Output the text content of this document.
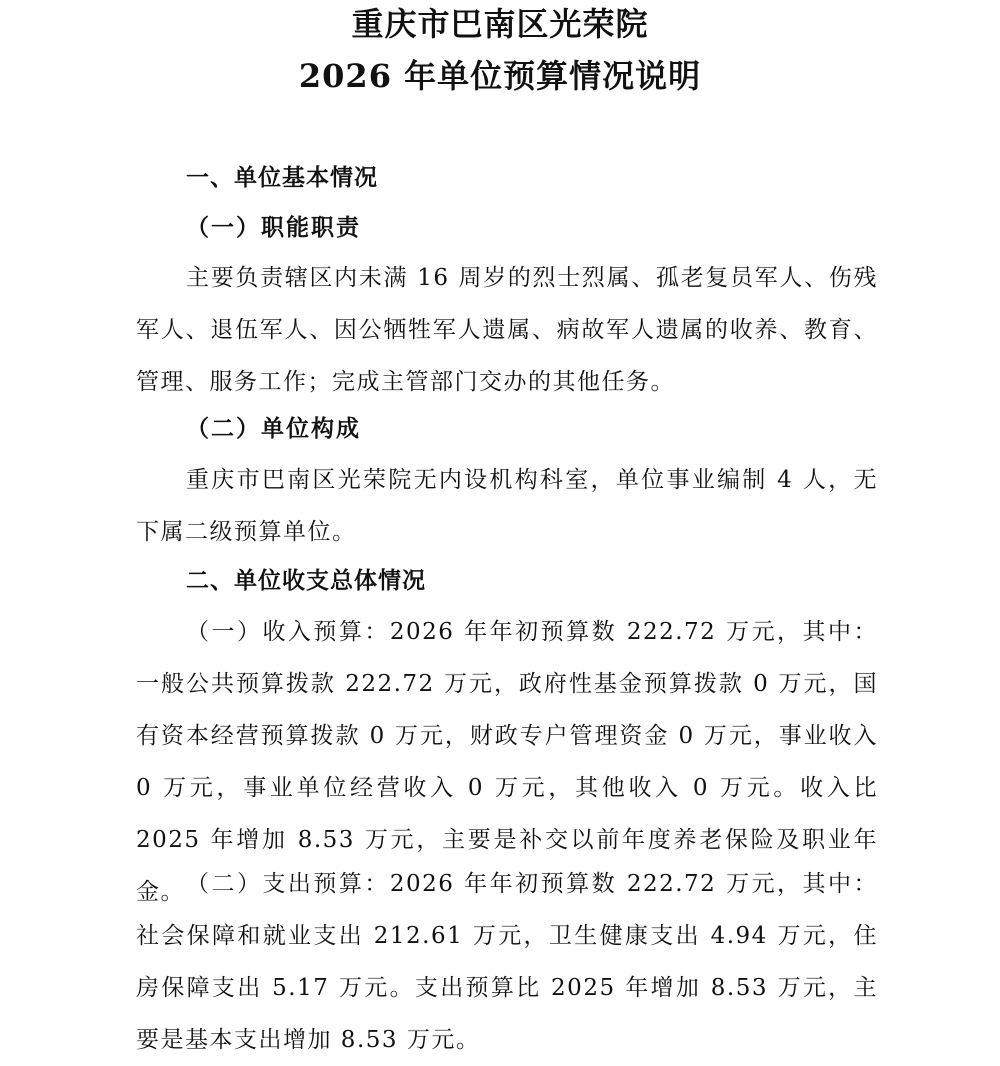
重庆市巴南区光荣院
2026 年单位预算情况说明
一、单位基本情况
（一）职能职责

主要负责辖区内未满 16 周岁的烈士烈属、孤老复员军人、伤残军人、退伍军人、因公牺牲军人遗属、病故军人遗属的收养、教育、管理、服务工作；完成主管部门交办的其他任务。

（二）单位构成

重庆市巴南区光荣院无内设机构科室，单位事业编制 4 人，无下属二级预算单位。

二、单位收支总体情况

（一）收入预算：2026 年年初预算数 222.72 万元，其中：一般公共预算拨款 222.72 万元，政府性基金预算拨款 0 万元，国有资本经营预算拨款 0 万元，财政专户管理资金 0 万元，事业收入 0 万元，事业单位经营收入 0 万元，其他收入 0 万元。收入比 2025 年增加 8.53 万元，主要是补交以前年度养老保险及职业年金。 （二）支出预算：2026 年年初预算数 222.72 万元，其中：社会保障和就业支出 212.61 万元，卫生健康支出 4.94 万元，住房保障支出 5.17 万元。支出预算比 2025 年增加 8.53 万元，主要是基本支出增加 8.53 万元。
